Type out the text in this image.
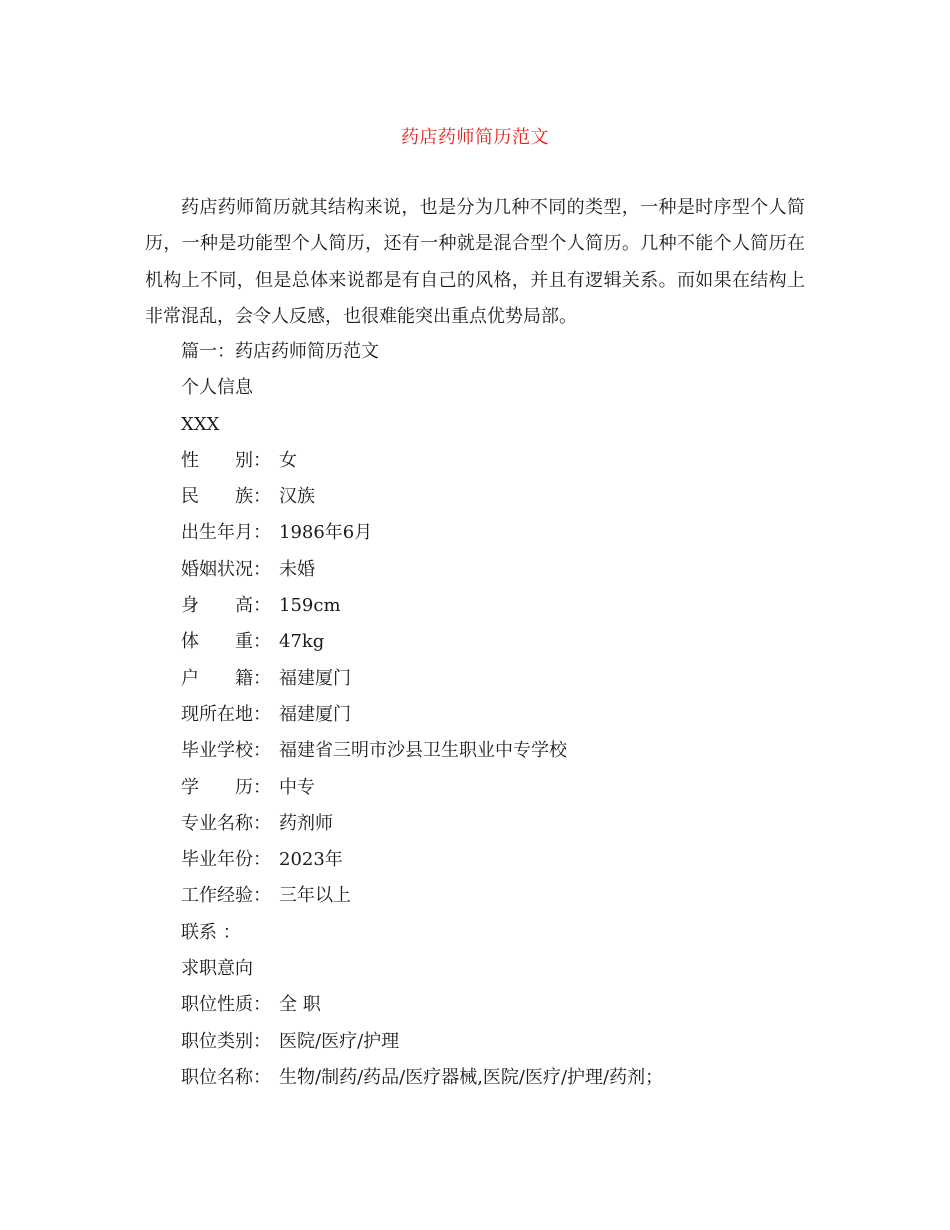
药店药师简历范文

药店药师简历就其结构来说，也是分为几种不同的类型，一种是时序型个人简历，一种是功能型个人简历，还有一种就是混合型个人简历。几种不能个人简历在机构上不同，但是总体来说都是有自己的风格，并且有逻辑关系。而如果在结构上非常混乱，会令人反感，也很难能突出重点优势局部。

篇一：药店药师简历范文
个人信息
XXX
性 别： 女
民 族： 汉族
出生年月： 1986年6月
婚姻状况： 未婚
身 高： 159cm
体 重： 47kg
户 籍： 福建厦门
现所在地： 福建厦门
毕业学校： 福建省三明市沙县卫生职业中专学校
学 历： 中专
专业名称： 药剂师
毕业年份： 2023年
工作经验： 三年以上
联系 ：
求职意向
职位性质： 全 职
职位类别： 医院/医疗/护理
职位名称： 生物/制药/药品/医疗器械,医院/医疗/护理/药剂；
